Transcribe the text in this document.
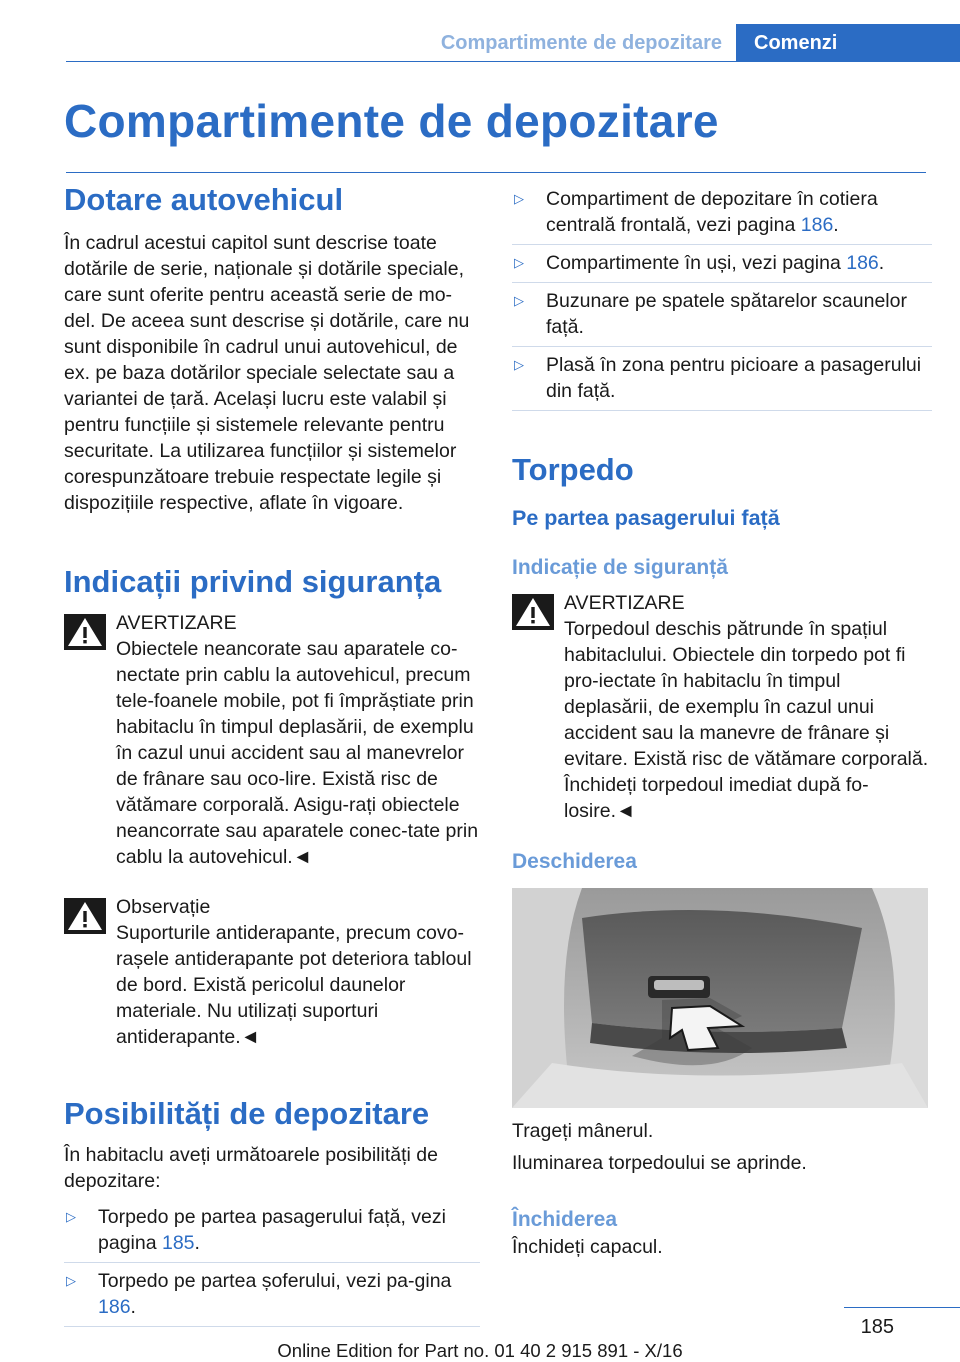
Compartimente de depozitare	Comenzi
Compartimente de depozitare
Dotare autovehicul

În cadrul acestui capitol sunt descrise toate dotările de serie, naționale și dotările speciale, care sunt oferite pentru această serie de mo-del. De aceea sunt descrise și dotările, care nu sunt disponibile în cadrul unui autovehicul, de ex. pe baza dotărilor speciale selectate sau a variantei de țară. Același lucru este valabil și pentru funcțiile și sistemele relevante pentru securitate. La utilizarea funcțiilor și sistemelor corespunzătoare trebuie respectate legile și dispozițiile respective, aflate în vigoare.

Indicații privind siguranța

AVERTIZARE

Obiectele neancorate sau aparatele co-nectate prin cablu la autovehicul, precum tele-foanele mobile, pot fi împrăștiate prin habitaclu în timpul deplasării, de exemplu în cazul unui accident sau al manevrelor de frânare sau oco-lire. Există risc de vătămare corporală. Asigu-rați obiectele neancorrate sau aparatele conec-tate prin cablu la autovehicul.◄

Observație

Suporturile antiderapante, precum covo-rașele antiderapante pot deteriora tabloul de bord. Există pericolul daunelor materiale. Nu utilizați suporturi antiderapante.◄

Posibilități de depozitare

În habitaclu aveți următoarele posibilități de depozitare:

▷ Torpedo pe partea pasagerului față, vezi pagina 185.
▷ Torpedo pe partea șoferului, vezi pa-gina 186.
▷ Compartiment de depozitare în cotiera centrală frontală, vezi pagina 186.
▷ Compartimente în uși, vezi pagina 186.
▷ Buzunare pe spatele spătarelor scaunelor față.
▷ Plasă în zona pentru picioare a pasagerului din față.
Torpedo
Pe partea pasagerului față
Indicație de siguranță

AVERTIZARE

Torpedoul deschis pătrunde în spațiul habitaclului. Obiectele din torpedo pot fi pro-iectate în habitaclu în timpul deplasării, de exemplu în cazul unui accident sau la manevre de frânare și evitare. Există risc de vătămare corporală. Închideți torpedoul imediat după fo-losire.◄

Deschiderea

Trageți mânerul.

Iluminarea torpedoului se aprinde.

Închiderea

Închideți capacul.

185
Online Edition for Part no. 01 40 2 915 891 - X/16
